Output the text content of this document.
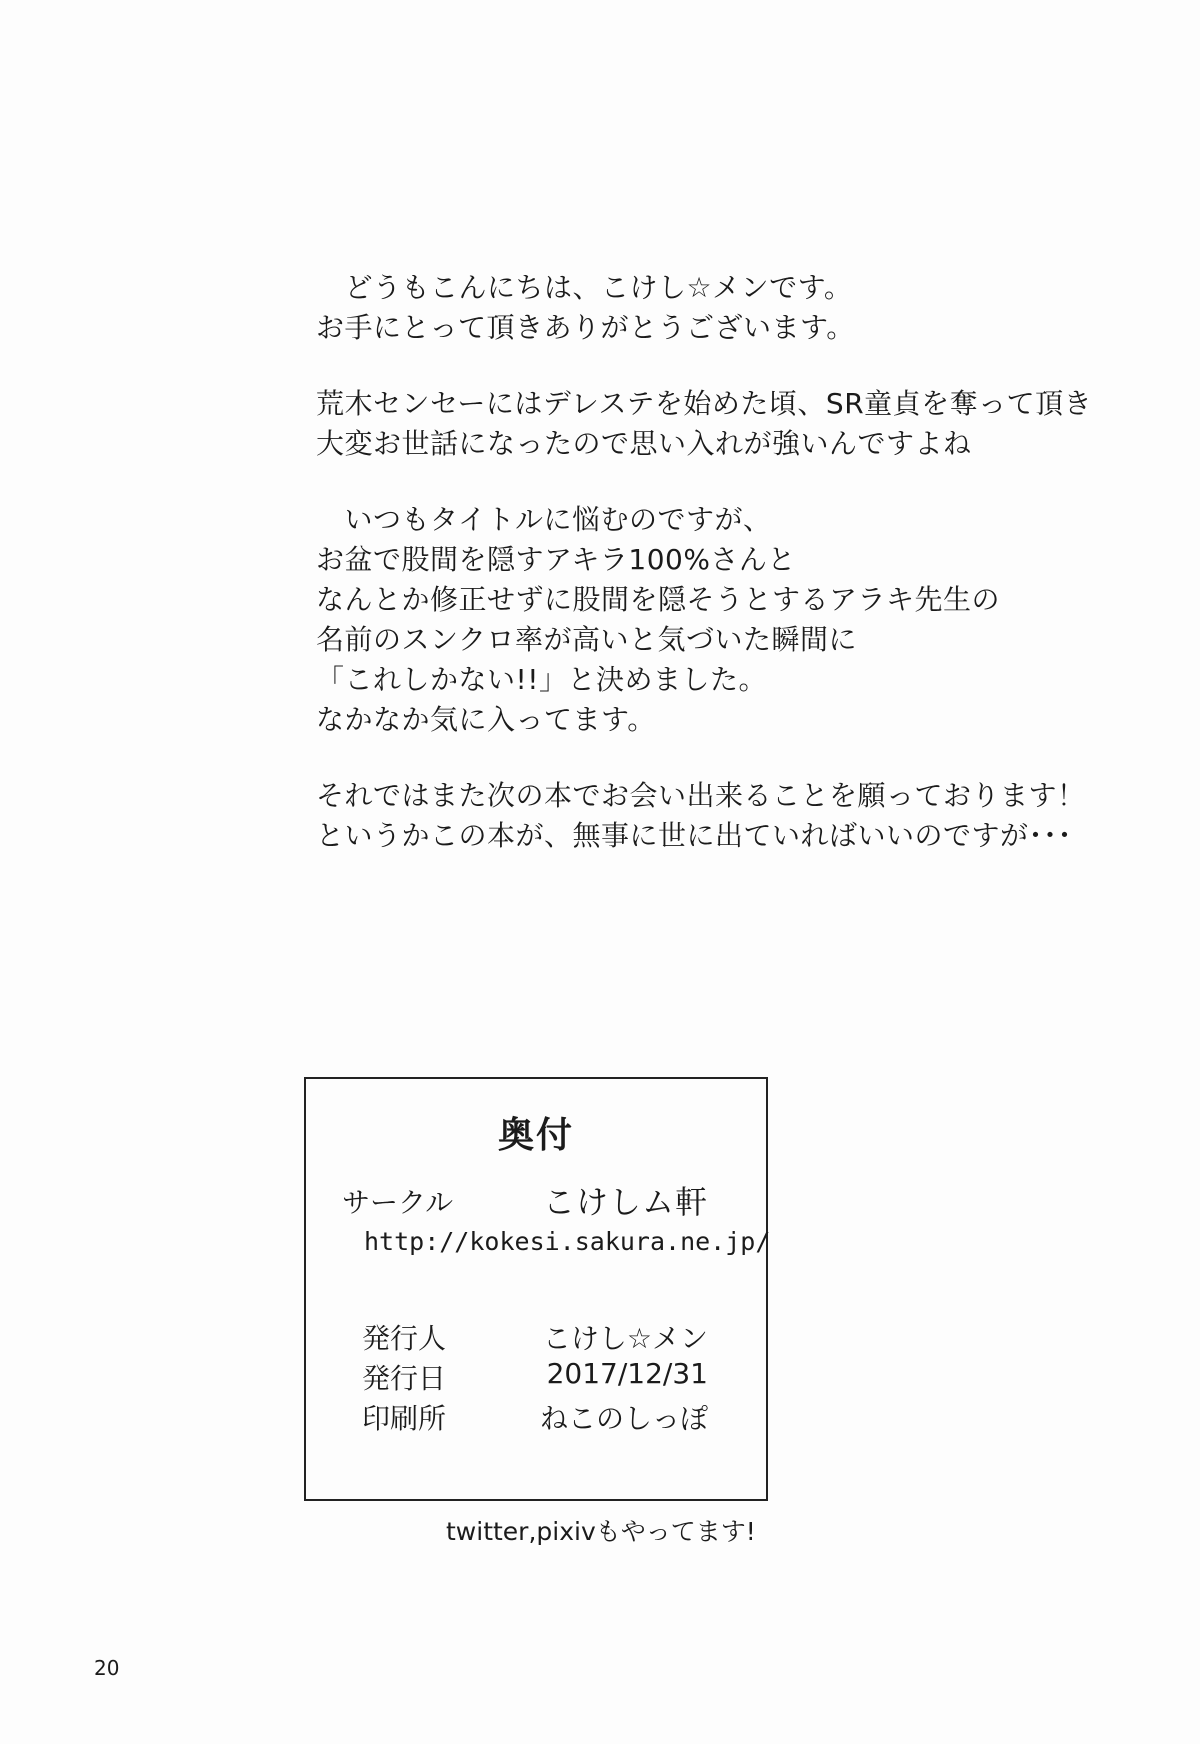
　どうもこんにちは、こけし☆メンです。
お手にとって頂きありがとうございます。
荒木センセーにはデレステを始めた頃、SR童貞を奪って頂き
大変お世話になったので思い入れが強いんですよね
　いつもタイトルに悩むのですが、
お盆で股間を隠すアキラ100%さんと
なんとか修正せずに股間を隠そうとするアラキ先生の
名前のスンクロ率が高いと気づいた瞬間に
「これしかない!!」と決めました。
なかなか気に入ってます。
それではまた次の本でお会い出来ることを願っております！
というかこの本が、無事に世に出ていればいいのですが･･･
奥付
サークル	こけしム軒
http://kokesi.sakura.ne.jp/
発行人	こけし☆メン
発行日	2017/12/31
印刷所	ねこのしっぽ
twitter,pixivもやってます!
20
